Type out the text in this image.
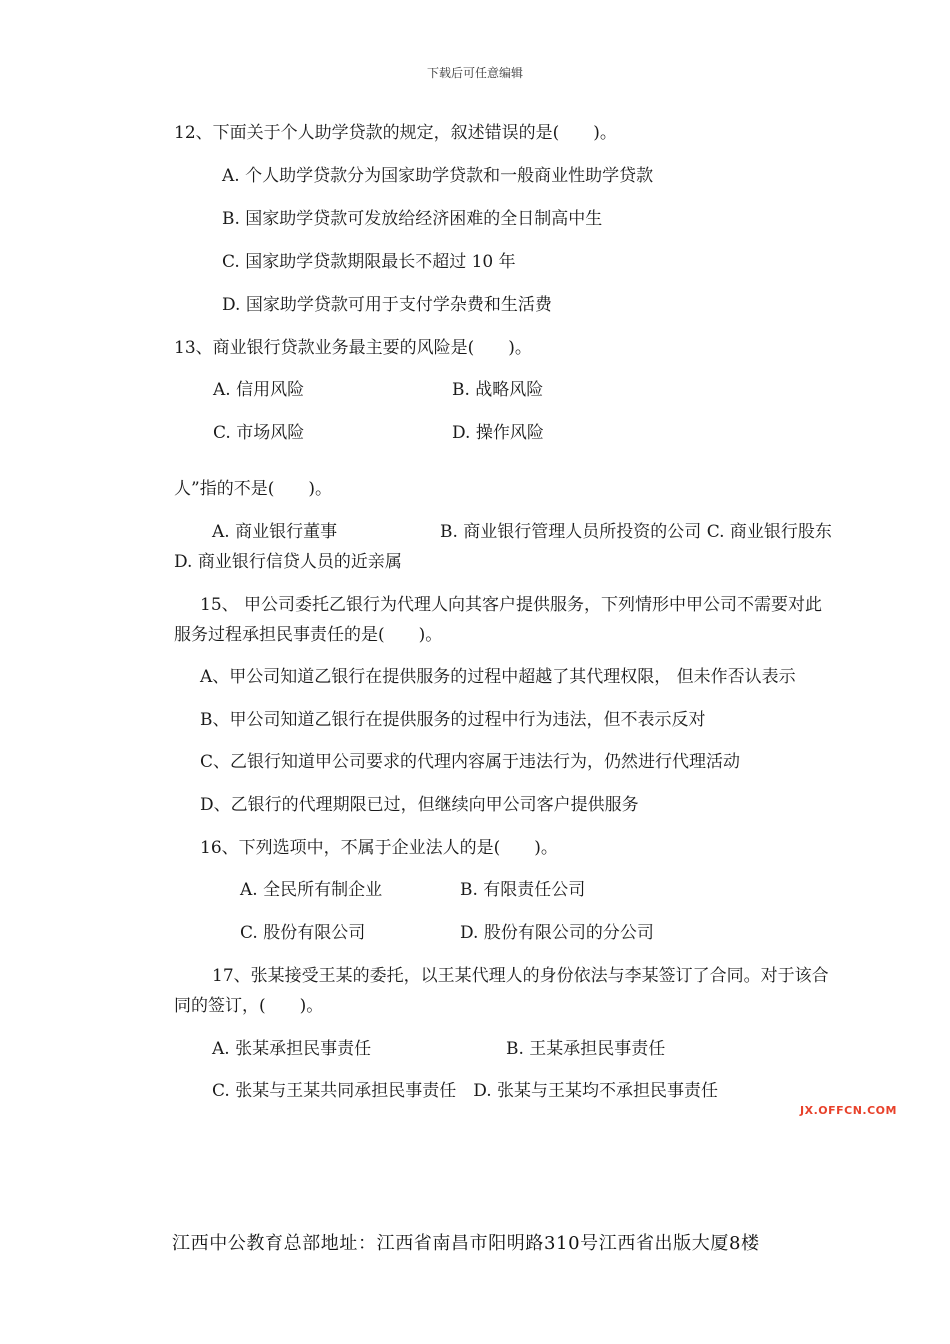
下载后可任意编辑
12、下面关于个人助学贷款的规定，叙述错误的是(　　)。
A. 个人助学贷款分为国家助学贷款和一般商业性助学贷款
B. 国家助学贷款可发放给经济困难的全日制高中生
C. 国家助学贷款期限最长不超过 10 年
D. 国家助学贷款可用于支付学杂费和生活费
13、商业银行贷款业务最主要的风险是(　　)。
A. 信用风险	B. 战略风险
C. 市场风险	D. 操作风险
人”指的不是(　　)。
A. 商业银行董事	B. 商业银行管理人员所投资的公司 C. 商业银行股东
D. 商业银行信贷人员的近亲属
15、 甲公司委托乙银行为代理人向其客户提供服务，下列情形中甲公司不需要对此
服务过程承担民事责任的是(　　)。
A、甲公司知道乙银行在提供服务的过程中超越了其代理权限， 但未作否认表示
B、甲公司知道乙银行在提供服务的过程中行为违法，但不表示反对
C、乙银行知道甲公司要求的代理内容属于违法行为，仍然进行代理活动
D、乙银行的代理期限已过，但继续向甲公司客户提供服务
16、下列选项中，不属于企业法人的是(　　)。
A. 全民所有制企业	B. 有限责任公司
C. 股份有限公司	D. 股份有限公司的分公司
17、张某接受王某的委托，以王某代理人的身份依法与李某签订了合同。对于该合
同的签订，(　　)。
A. 张某承担民事责任	B. 王某承担民事责任
C. 张某与王某共同承担民事责任　D. 张某与王某均不承担民事责任
JX.OFFCN.COM
江西中公教育总部地址：江西省南昌市阳明路310号江西省出版大厦8楼
